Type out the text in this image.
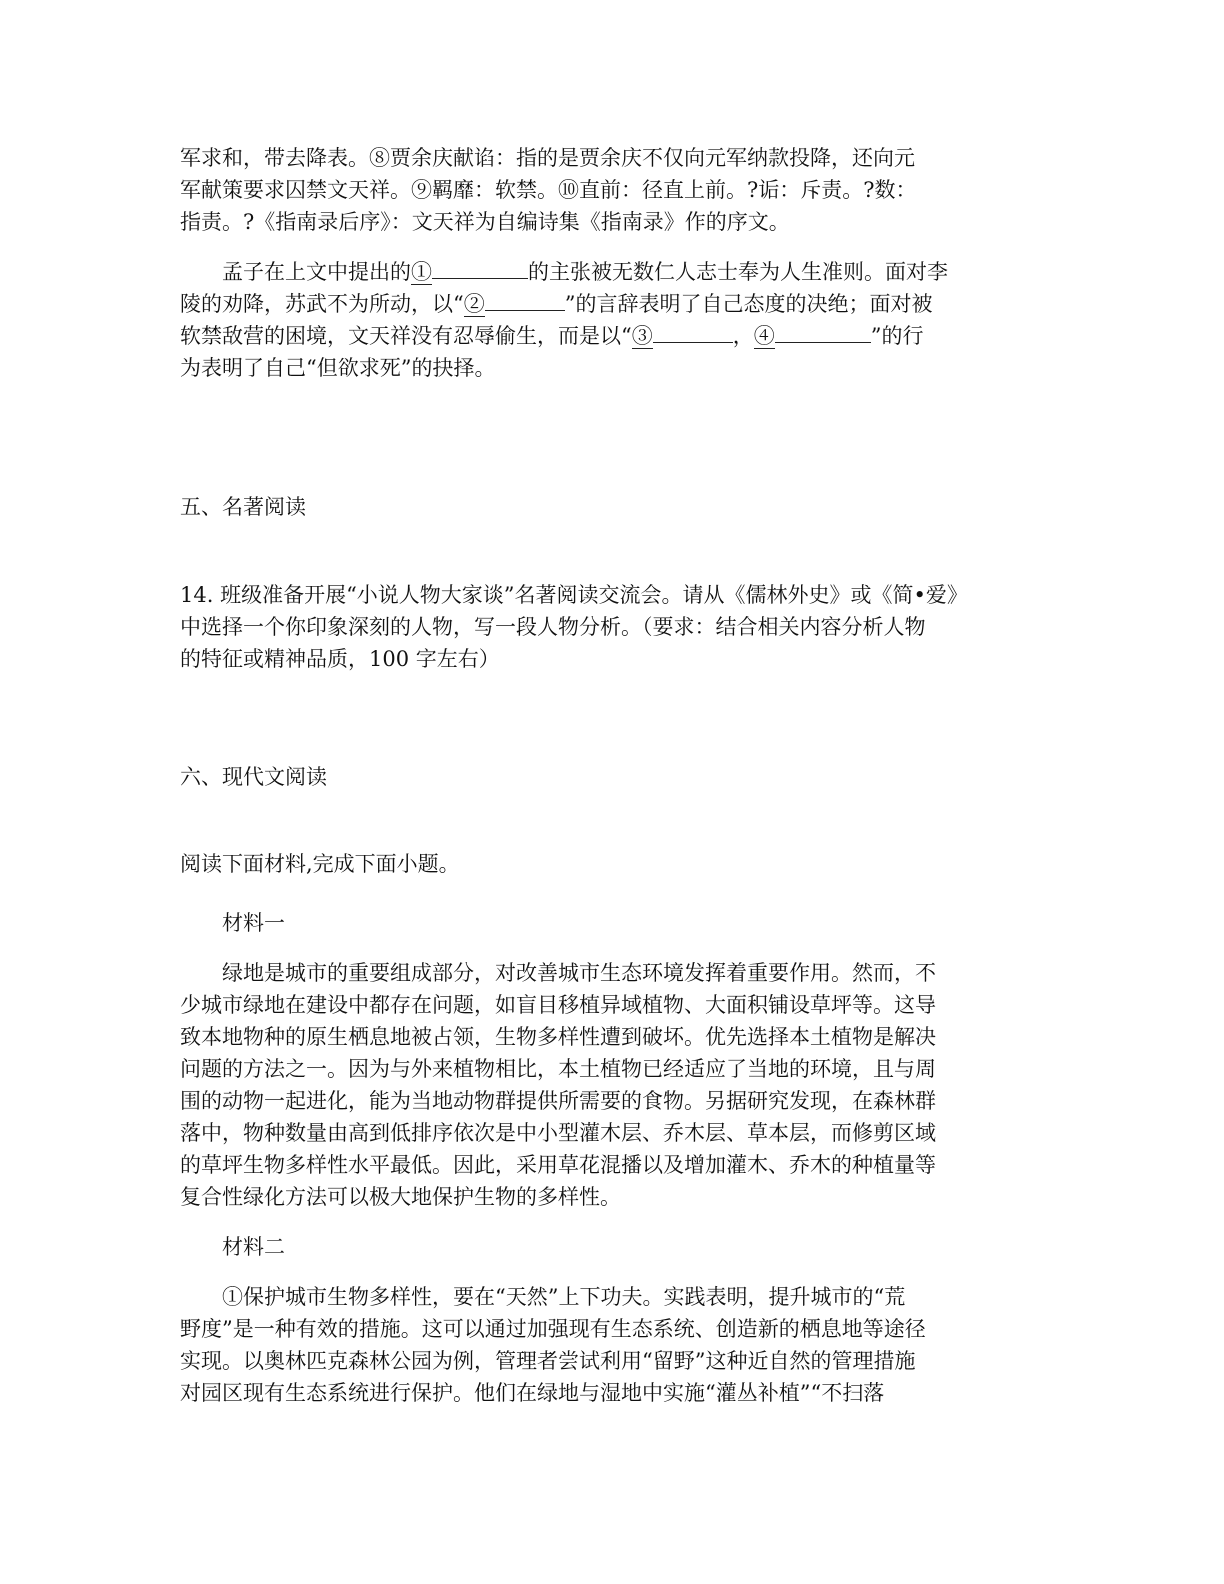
军求和，带去降表。⑧贾余庆献谄：指的是贾余庆不仅向元军纳款投降，还向元
军献策要求囚禁文天祥。⑨羁靡：软禁。⑩直前：径直上前。?诟：斥责。?数：
指责。?《指南录后序》：文天祥为自编诗集《指南录》作的序文。
孟子在上文中提出的①	的主张被无数仁人志士奉为人生准则。面对李
陵的劝降，苏武不为所动，以“②	”的言辞表明了自己态度的决绝；面对被
软禁敌营的困境，文天祥没有忍辱偷生，而是以“③	，④	”的行
为表明了自己“但欲求死”的抉择。
五、名著阅读
14. 班级准备开展“小说人物大家谈”名著阅读交流会。请从《儒林外史》或《简•爱》
中选择一个你印象深刻的人物，写一段人物分析。（要求：结合相关内容分析人物
的特征或精神品质，100 字左右）
六、现代文阅读
阅读下面材料,完成下面小题。
材料一
绿地是城市的重要组成部分，对改善城市生态环境发挥着重要作用。然而，不
少城市绿地在建设中都存在问题，如盲目移植异域植物、大面积铺设草坪等。这导
致本地物种的原生栖息地被占领，生物多样性遭到破坏。优先选择本土植物是解决
问题的方法之一。因为与外来植物相比，本土植物已经适应了当地的环境，且与周
围的动物一起进化，能为当地动物群提供所需要的食物。另据研究发现，在森林群
落中，物种数量由高到低排序依次是中小型灌木层、乔木层、草本层，而修剪区域
的草坪生物多样性水平最低。因此，采用草花混播以及增加灌木、乔木的种植量等
复合性绿化方法可以极大地保护生物的多样性。
材料二
①保护城市生物多样性，要在“天然”上下功夫。实践表明，提升城市的“荒
野度”是一种有效的措施。这可以通过加强现有生态系统、创造新的栖息地等途径
实现。以奥林匹克森林公园为例，管理者尝试利用“留野”这种近自然的管理措施
对园区现有生态系统进行保护。他们在绿地与湿地中实施“灌丛补植”“不扫落
